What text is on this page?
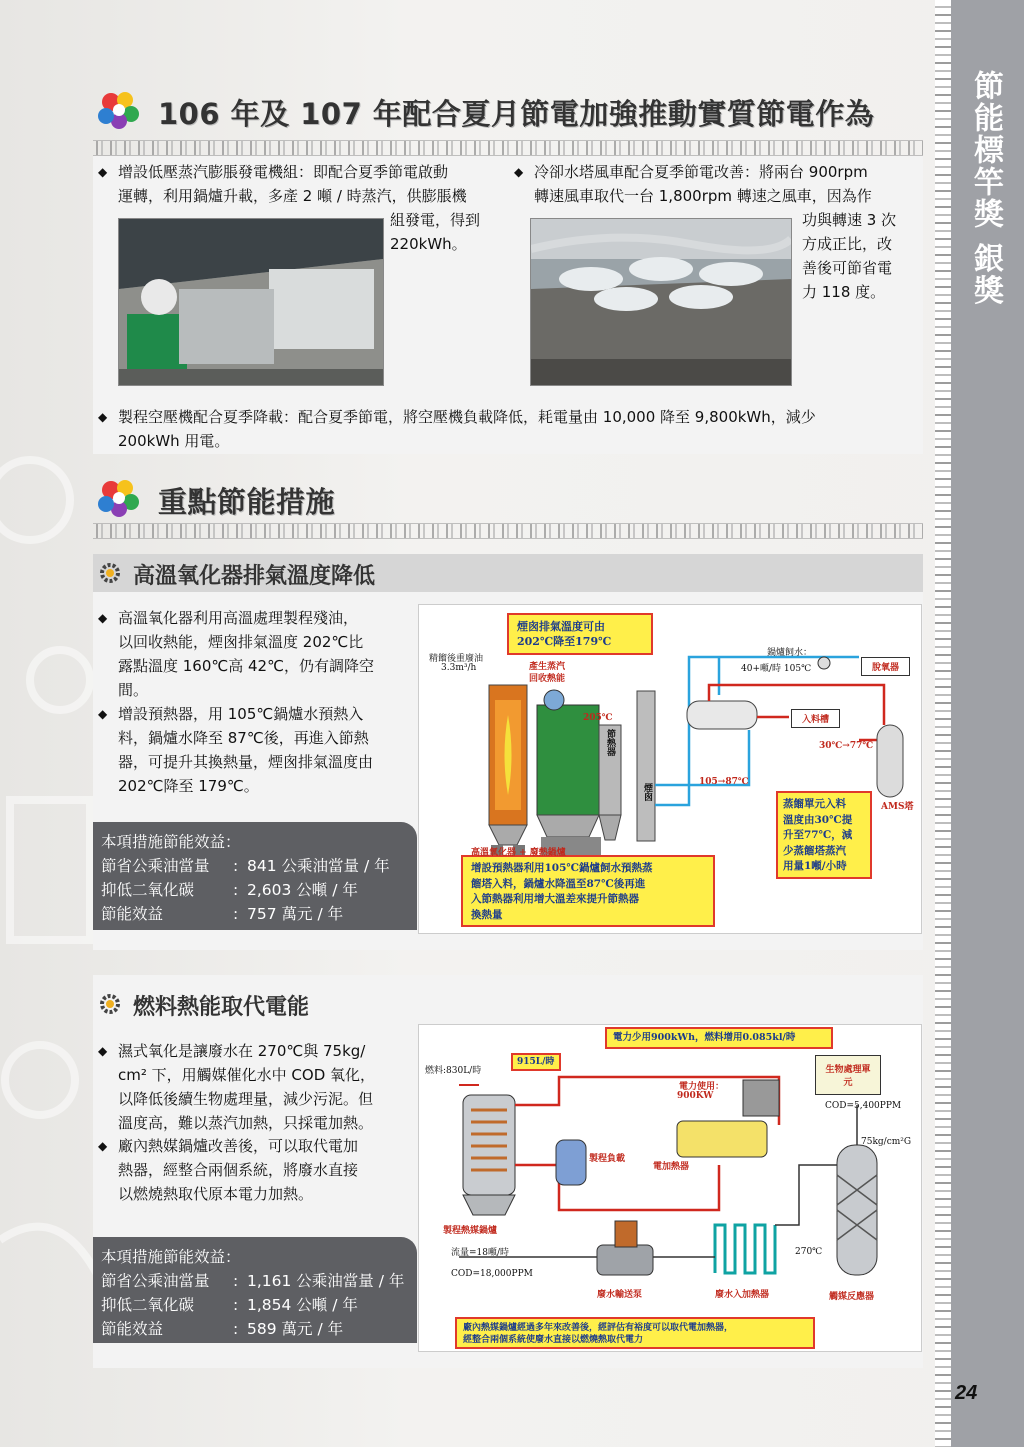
節能標竿獎 銀獎
24
106 年及 107 年配合夏月節電加強推動實質節電作為
◆ 增設低壓蒸汽膨脹發電機組：即配合夏季節電啟動
運轉，利用鍋爐升載，多產 2 噸 / 時蒸汽，供膨脹機
組發電，得到
220kWh。
◆ 冷卻水塔風車配合夏季節電改善：將兩台 900rpm
轉速風車取代一台 1,800rpm 轉速之風車，因為作
功與轉速 3 次
方成正比，改
善後可節省電
力 118 度。
◆ 製程空壓機配合夏季降載：配合夏季節電，將空壓機負載降低，耗電量由 10,000 降至 9,800kWh，減少
200kWh 用電。
重點節能措施
高溫氧化器排氣溫度降低
◆ 高溫氧化器利用高溫處理製程殘油，
以回收熱能，煙囪排氣溫度 202℃比
露點溫度 160℃高 42℃，仍有調降空
間。
◆ 增設預熱器，用 105℃鍋爐水預熱入
料，鍋爐水降至 87℃後，再進入節熱
器，可提升其換熱量，煙囪排氣溫度由
202℃降至 179℃。
本項措施節能效益：
節省公乘油當量 : 841 公乘油當量 / 年
抑低二氧化碳	: 2,603 公噸 / 年
節能效益	: 757 萬元 / 年
煙囪排氣溫度可由
202℃降至179℃
增設預熱器利用105℃鍋爐飼水預熱蒸
餾塔入料，鍋爐水降溫至87℃後再進
入節熱器利用增大溫差來提升節熱器
換熱量
蒸餾單元入料
溫度由30℃提
升至77℃，減
少蒸餾塔蒸汽
用量1噸/小時
精餾後重廢油
3.3m³/h	產生蒸汽
回收熱能
205℃
節熱器
煙囪
鍋爐飼水：
40+噸/時 105℃	脫氧器
入料槽
30℃→77℃
105→87℃
AMS塔
高溫氧化器 + 廢熱鍋爐
燃料熱能取代電能
◆ 濕式氧化是讓廢水在 270℃與 75kg/
cm² 下，用觸媒催化水中 COD 氧化，
以降低後續生物處理量，減少污泥。但
溫度高，難以蒸汽加熱，只採電加熱。
◆ 廠內熱媒鍋爐改善後，可以取代電加
熱器，經整合兩個系統，將廢水直接
以燃燒熱取代原本電力加熱。
本項措施節能效益：
節省公乘油當量 : 1,161 公乘油當量 / 年
抑低二氧化碳	: 1,854 公噸 / 年
節能效益	: 589 萬元 / 年
電力少用900kWh，燃料增用0.085kl/時
廠內熱媒鍋爐經過多年來改善後，經評估有裕度可以取代電加熱器，
經整合兩個系統使廢水直接以燃燒熱取代電力
燃料:830L/時
915L/時
電力使用：
900KW
生物處理單元
COD=5,400PPM
75kg/cm²G
製程負載
電加熱器
製程熱媒鍋爐
流量=18噸/時
COD=18,000PPM
270℃
廢水輸送泵	廢水入加熱器	觸媒反應器
